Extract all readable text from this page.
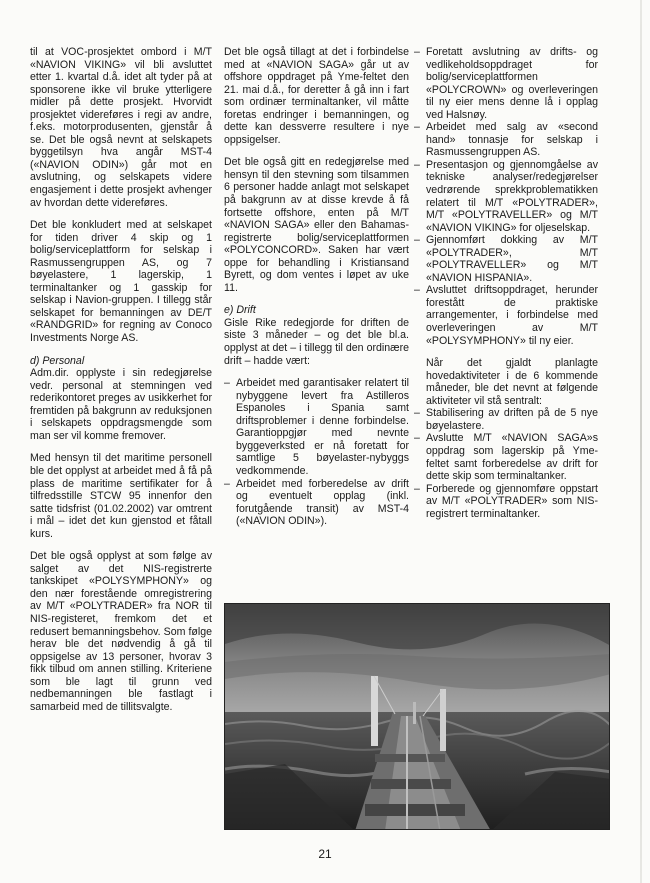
til at VOC-prosjektet ombord i M/T «NAVION VIKING» vil bli avsluttet etter 1. kvartal d.å. idet alt tyder på at sponsorene ikke vil bruke ytterligere midler på dette prosjekt. Hvorvidt prosjektet videreføres i regi av andre, f.eks. motorprodusenten, gjenstår å se. Det ble også nevnt at selskapets byggetilsyn hva angår MST-4 («NAVION ODIN») går mot en avslutning, og selskapets videre engasjement i dette prosjekt avhenger av hvordan dette videreføres.

Det ble konkludert med at selskapet for tiden driver 4 skip og 1 bolig/serviceplattform for selskap i Rasmussengruppen AS, og 7 bøyelastere, 1 lagerskip, 1 terminaltanker og 1 gasskip for selskap i Navion-gruppen. I tillegg står selskapet for bemanningen av DE/T «RANDGRID» for regning av Conoco Investments Norge AS.

d) Personal

Adm.dir. opplyste i sin redegjørelse vedr. personal at stemningen ved rederikontoret preges av usikkerhet for fremtiden på bakgrunn av reduksjonen i selskapets oppdragsmengde som man ser vil komme fremover.

Med hensyn til det maritime personell ble det opplyst at arbeidet med å få på plass de maritime sertifikater for å tilfredsstille STCW 95 innenfor den satte tidsfrist (01.02.2002) var omtrent i mål – idet det kun gjenstod et fåtall kurs.

Det ble også opplyst at som følge av salget av det NIS-registrerte tankskipet «POLYSYMPHONY» og den nær forestående omregistrering av M/T «POLYTRADER» fra NOR til NIS-registeret, fremkom det et redusert bemanningsbehov. Som følge herav ble det nødvendig å gå til oppsigelse av 13 personer, hvorav 3 fikk tilbud om annen stilling. Kriteriene som ble lagt til grunn ved nedbemanningen ble fastlagt i samarbeid med de tillitsvalgte.

Det ble også tillagt at det i forbindelse med at «NAVION SAGA» går ut av offshore oppdraget på Yme-feltet den 21. mai d.å., for deretter å gå inn i fart som ordinær terminaltanker, vil måtte foretas endringer i bemanningen, og dette kan dessverre resultere i nye oppsigelser.

Det ble også gitt en redegjørelse med hensyn til den stevning som tilsammen 6 personer hadde anlagt mot selskapet på bakgrunn av at disse krevde å få fortsette offshore, enten på M/T «NAVION SAGA» eller den Bahamas-registrerte bolig/serviceplattformen «POLYCONCORD». Saken har vært oppe for behandling i Kristiansand Byrett, og dom ventes i løpet av uke 11.

e) Drift

Gisle Rike redegjorde for driften de siste 3 måneder – og det ble bl.a. opplyst at det – i tillegg til den ordinære drift – hadde vært:

– Arbeidet med garantisaker relatert til nybyggene levert fra Astilleros Espanoles i Spania samt driftsproblemer i denne forbindelse. Garantioppgjør med nevnte byggeverksted er nå foretatt for samtlige 5 bøyelaster-nybyggs vedkommende.
– Arbeidet med forberedelse av drift og eventuelt opplag (inkl. forutgående transit) av MST-4 («NAVION ODIN»).
– Foretatt avslutning av drifts- og vedlikeholdsoppdraget for bolig/serviceplattformen «POLYCROWN» og overleveringen til ny eier mens denne lå i opplag ved Halsnøy.
– Arbeidet med salg av «second hand» tonnasje for selskap i Rasmussengruppen AS.
– Presentasjon og gjennomgåelse av tekniske analyser/redegjørelser vedrørende sprekkproblematikken relatert til M/T «POLYTRADER», M/T «POLYTRAVELLER» og M/T «NAVION VIKING» for oljeselskap.
– Gjennomført dokking av M/T «POLYTRADER», M/T «POLYTRAVELLER» og M/T «NAVION HISPANIA».
– Avsluttet driftsoppdraget, herunder forestått de praktiske arrangementer, i forbindelse med overleveringen av M/T «POLYSYMPHONY» til ny eier.

Når det gjaldt planlagte hovedaktiviteter i de 6 kommende måneder, ble det nevnt at følgende aktiviteter vil stå sentralt:

– Stabilisering av driften på de 5 nye bøyelastere.
– Avslutte M/T «NAVION SAGA»s oppdrag som lagerskip på Yme-feltet samt forberedelse av drift for dette skip som terminaltanker.
– Forberede og gjennomføre oppstart av M/T «POLYTRADER» som NIS-registrert terminaltanker.
21
